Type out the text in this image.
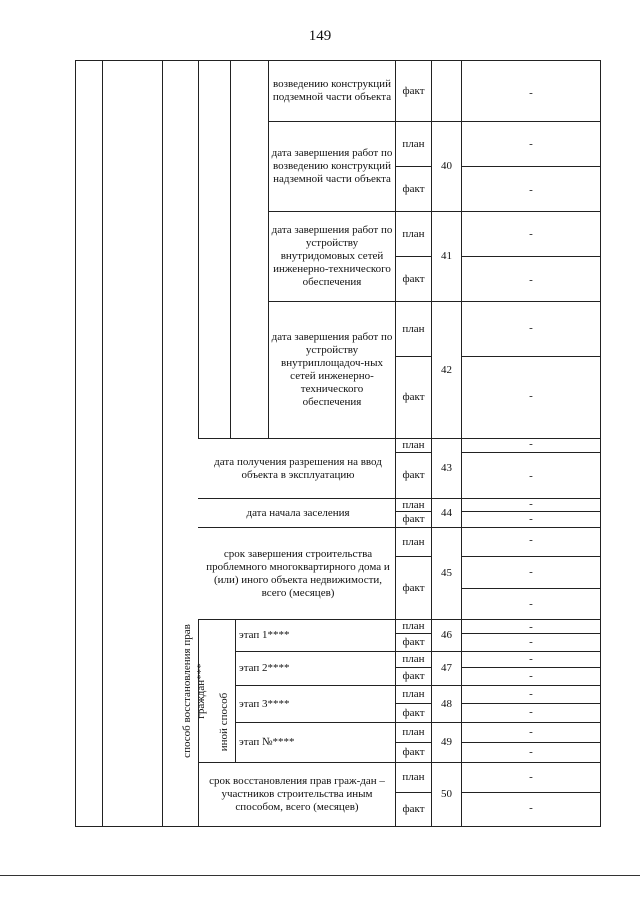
149
возведению конструкций подземной части объекта
дата завершения работ по возведению конструкций надземной части объекта
дата завершения работ по устройству внутридомовых сетей инженерно-технического обеспечения
дата завершения работ по устройству внутриплощадоч-ных сетей инженерно-технического обеспечения
дата получения разрешения на ввод объекта в эксплуатацию
дата начала заселения
срок завершения строительства проблемного многоквартирного дома и (или) иного объекта недвижимости, всего (месяцев)
этап 1****
этап 2****
этап 3****
этап №****
срок восстановления прав граж-дан – участников строительства иным способом, всего (месяцев)
иной способ
способ восстановления прав граждан***
факт
план
факт
план
факт
план
факт
план
факт
план
факт
план
факт
план
факт
план
факт
план
факт
план
факт
план
факт
40
41
42
43
44
45
46
47
48
49
50
-
-
-
-
-
-
-
-
-
-
-
-
-
-
-
-
-
-
-
-
-
-
-
-
